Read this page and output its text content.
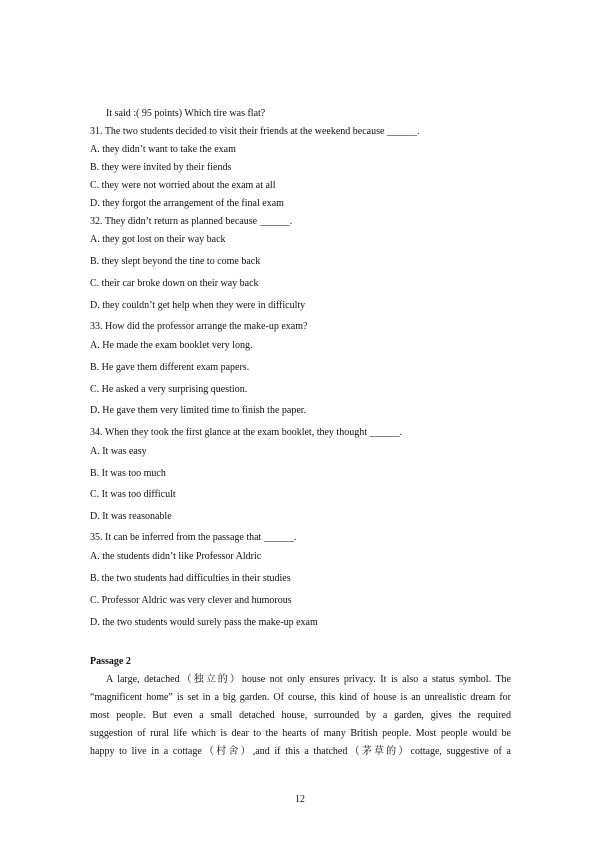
It said :( 95 points) Which tire was flat?
31. The two students decided to visit their friends at the weekend because ______.
A. they didn’t want to take the exam
B. they were invited by their fiends
C. they were not worried about the exam at all
D. they forgot the arrangement of the final exam
32. They didn’t return as planned because ______.
A. they got lost on their way back
B. they slept beyond the tine to come back
C. their car broke down on their way back
D. they couldn’t get help when they were in difficulty
33. How did the professor arrange the make-up exam?
A. He made the exam booklet very long.
B. He gave them different exam papers.
C. He asked a very surprising question.
D. He gave them very limited time to finish the paper.
34. When they took the first glance at the exam booklet, they thought ______.
A. It was easy
B. It was too much
C. It was too difficult
D. It was reasonable
35. It can be inferred from the passage that ______.
A. the students didn’t like Professor Aldric
B. the two students had difficulties in their studies
C. Professor Aldric was very clever and humorous
D. the two students would surely pass the make-up exam
Passage 2
A large, detached（独立的）house not only ensures privacy. It is also a status symbol. The
“magnificent home” is set in a big garden. Of course, this kind of house is an unrealistic dream for
most people. But even a small detached house, surrounded by a garden, gives the required
suggestion of rural life which is dear to the hearts of many British people. Most people would be
happy to live in a cottage（村舍）,and if this a thatched（茅草的）cottage, suggestive of a
12
